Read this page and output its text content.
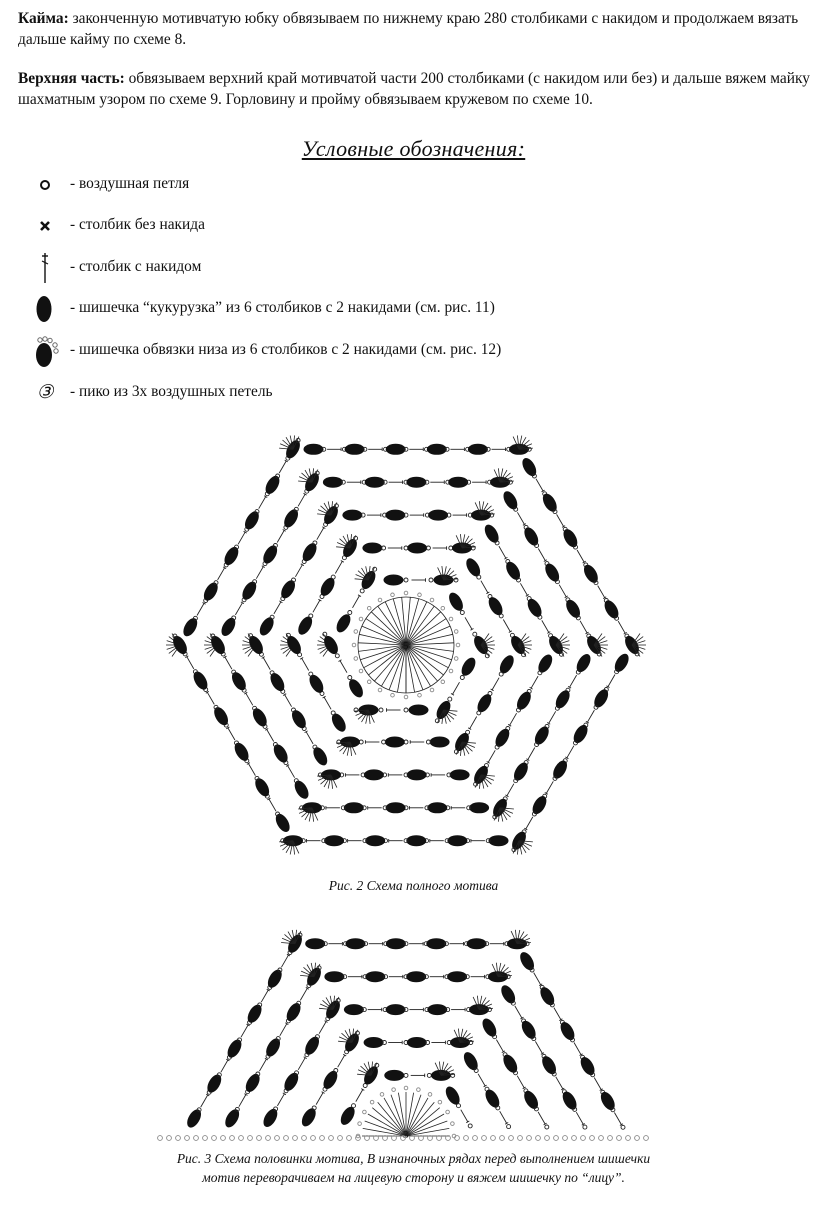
Кайма: законченную мотивчатую юбку обвязываем по нижнему краю 280 столбиками с накидом и продолжаем вязать дальше кайму по схеме 8.

Верхняя часть: обвязываем верхний край мотивчатой части 200 столбиками (с накидом или без) и дальше вяжем майку шахматным узором по схеме 9. Горловину и пройму обвязываем кружевом по схеме 10.

Условные обозначения:
- воздушная петля
- столбик без накида
- столбик с накидом
- шишечка “кукурузка” из 6 столбиков с 2 накидами (см. рис. 11)
- шишечка обвязки низа из 6 столбиков с 2 накидами (см. рис. 12)
③	- пико из 3х воздушных петель
5
Рис. 2 Схема полного мотива
3
Рис. 3 Схема половинки мотива, В изнаночных рядах перед выполнением шишечки
мотив переворачиваем на лицевую сторону и вяжем шишечку по “лицу”.
